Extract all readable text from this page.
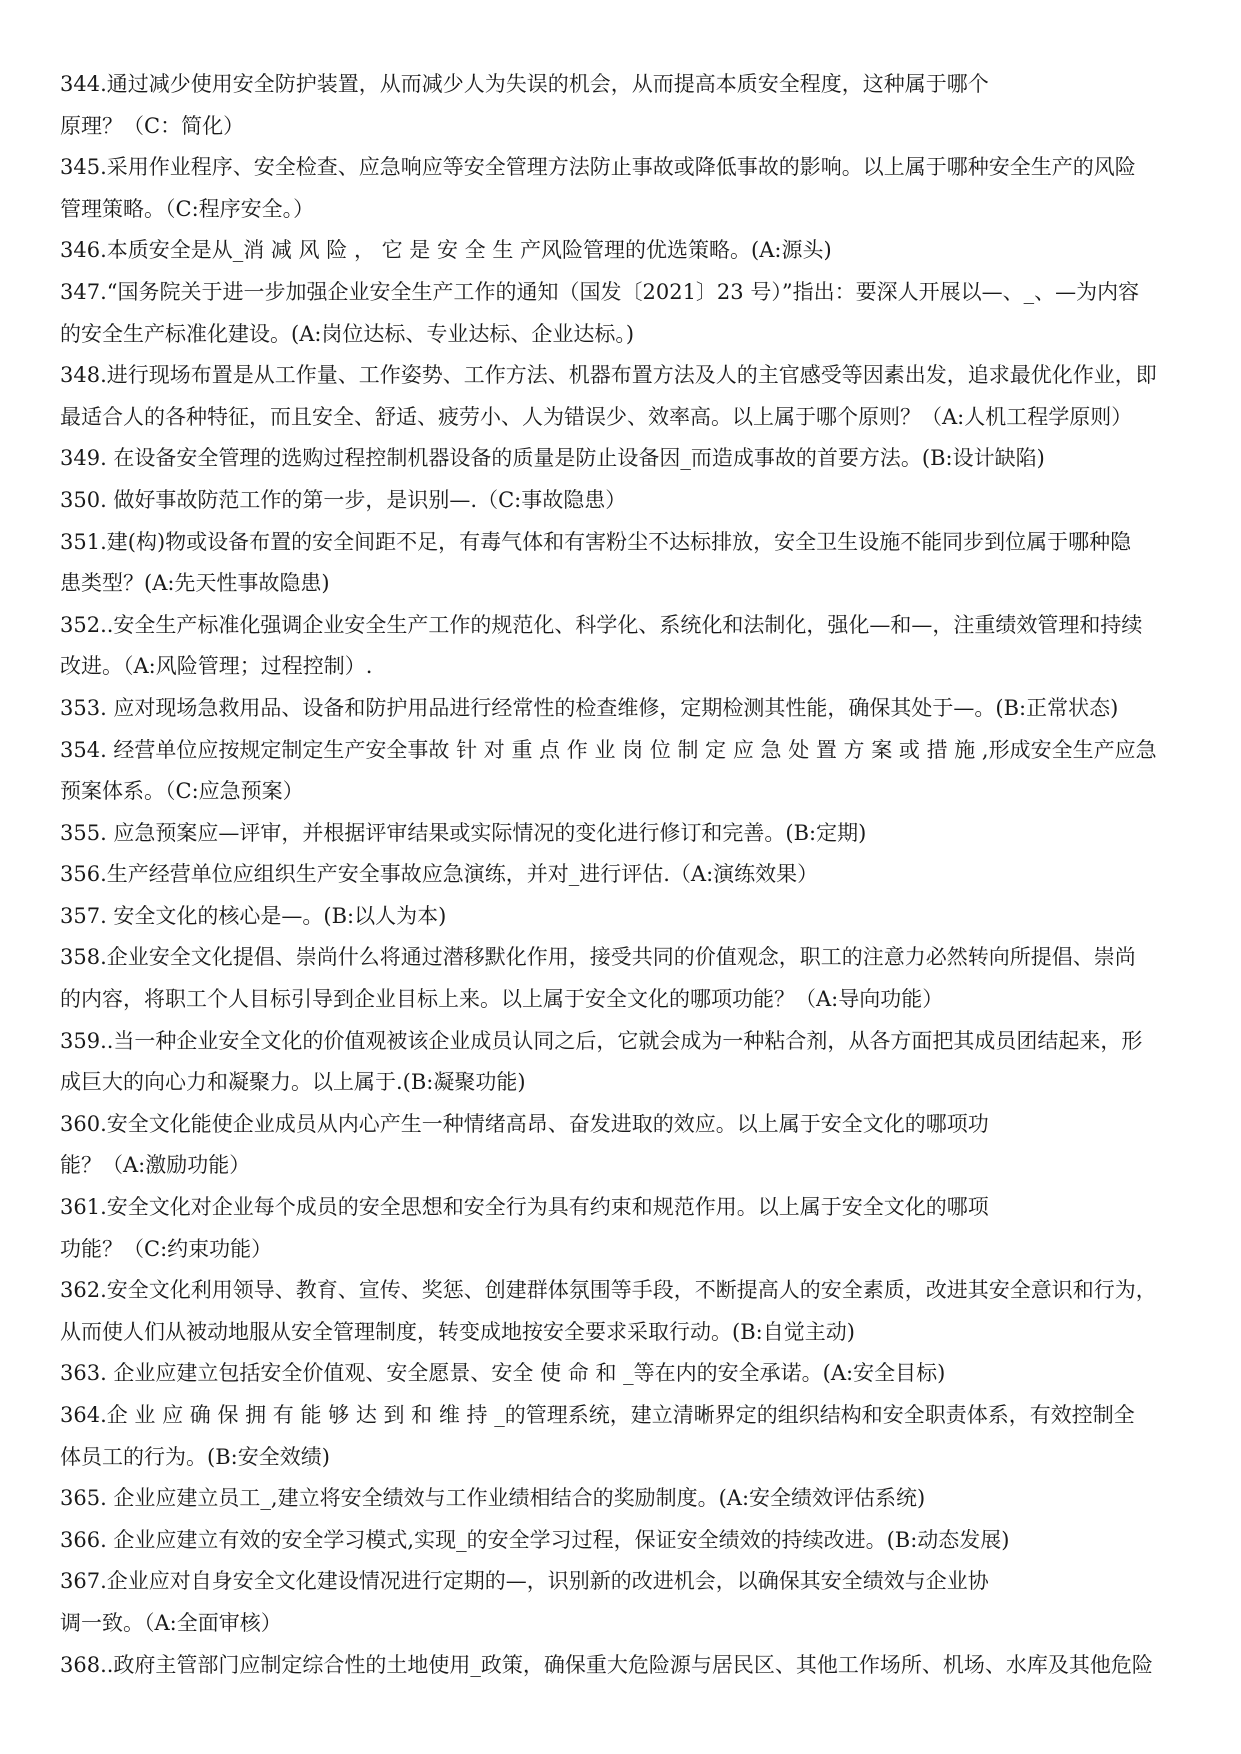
344.通过减少使用安全防护装置，从而减少人为失误的机会，从而提高本质安全程度，这种属于哪个
原理？（C：简化）
345.采用作业程序、安全检查、应急响应等安全管理方法防止事故或降低事故的影响。以上属于哪种安全生产的风险
管理策略。（C:程序安全。）
346.本质安全是从_消 减 风 险 ， 它 是 安 全 生 产风险管理的优选策略。(A:源头)
347.“国务院关于进一步加强企业安全生产工作的通知（国发〔2021〕23 号）”指出：要深人开展以—、_、—为内容
的安全生产标准化建设。(A:岗位达标、专业达标、企业达标。)
348.进行现场布置是从工作量、工作姿势、工作方法、机器布置方法及人的主官感受等因素出发，追求最优化作业，即
最适合人的各种特征，而且安全、舒适、疲劳小、人为错误少、效率高。以上属于哪个原则？（A:人机工程学原则）
349. 在设备安全管理的选购过程控制机器设备的质量是防止设备因_而造成事故的首要方法。(B:设计缺陷)
350. 做好事故防范工作的第一步，是识别—.（C:事故隐患）
351.建(构)物或设备布置的安全间距不足，有毒气体和有害粉尘不达标排放，安全卫生设施不能同步到位属于哪种隐
患类型？(A:先天性事故隐患)
352..安全生产标准化强调企业安全生产工作的规范化、科学化、系统化和法制化，强化—和—，注重绩效管理和持续
改进。（A:风险管理；过程控制）.
353. 应对现场急救用品、设备和防护用品进行经常性的检查维修，定期检测其性能，确保其处于—。(B:正常状态)
354. 经营单位应按规定制定生产安全事故 针 对 重 点 作 业 岗 位 制 定 应 急 处 置 方 案 或 措 施 ,形成安全生产应急
预案体系。（C:应急预案）
355. 应急预案应—评审，并根据评审结果或实际情况的变化进行修订和完善。(B:定期)
356.生产经营单位应组织生产安全事故应急演练，并对_进行评估.（A:演练效果）
357. 安全文化的核心是—。(B:以人为本)
358.企业安全文化提倡、崇尚什么将通过潜移默化作用，接受共同的价值观念，职工的注意力必然转向所提倡、崇尚
的内容，将职工个人目标引导到企业目标上来。以上属于安全文化的哪项功能？（A:导向功能）
359..当一种企业安全文化的价值观被该企业成员认同之后，它就会成为一种粘合剂，从各方面把其成员团结起来，形
成巨大的向心力和凝聚力。以上属于.(B:凝聚功能)
360.安全文化能使企业成员从内心产生一种情绪高昂、奋发进取的效应。以上属于安全文化的哪项功
能？（A:激励功能）
361.安全文化对企业每个成员的安全思想和安全行为具有约束和规范作用。以上属于安全文化的哪项
功能？（C:约束功能）
362.安全文化利用领导、教育、宣传、奖惩、创建群体氛围等手段，不断提高人的安全素质，改进其安全意识和行为，
从而使人们从被动地服从安全管理制度，转变成地按安全要求采取行动。(B:自觉主动)
363. 企业应建立包括安全价值观、安全愿景、安全 使 命 和 _等在内的安全承诺。(A:安全目标)
364.企 业 应 确 保 拥 有 能 够 达 到 和 维 持 _的管理系统，建立清晰界定的组织结构和安全职责体系，有效控制全
体员工的行为。(B:安全效绩)
365. 企业应建立员工_,建立将安全绩效与工作业绩相结合的奖励制度。(A:安全绩效评估系统)
366. 企业应建立有效的安全学习模式,实现_的安全学习过程，保证安全绩效的持续改进。(B:动态发展)
367.企业应对自身安全文化建设情况进行定期的—，识别新的改进机会，以确保其安全绩效与企业协
调一致。（A:全面审核）
368..政府主管部门应制定综合性的土地使用_政策，确保重大危险源与居民区、其他工作场所、机场、水库及其他危险
